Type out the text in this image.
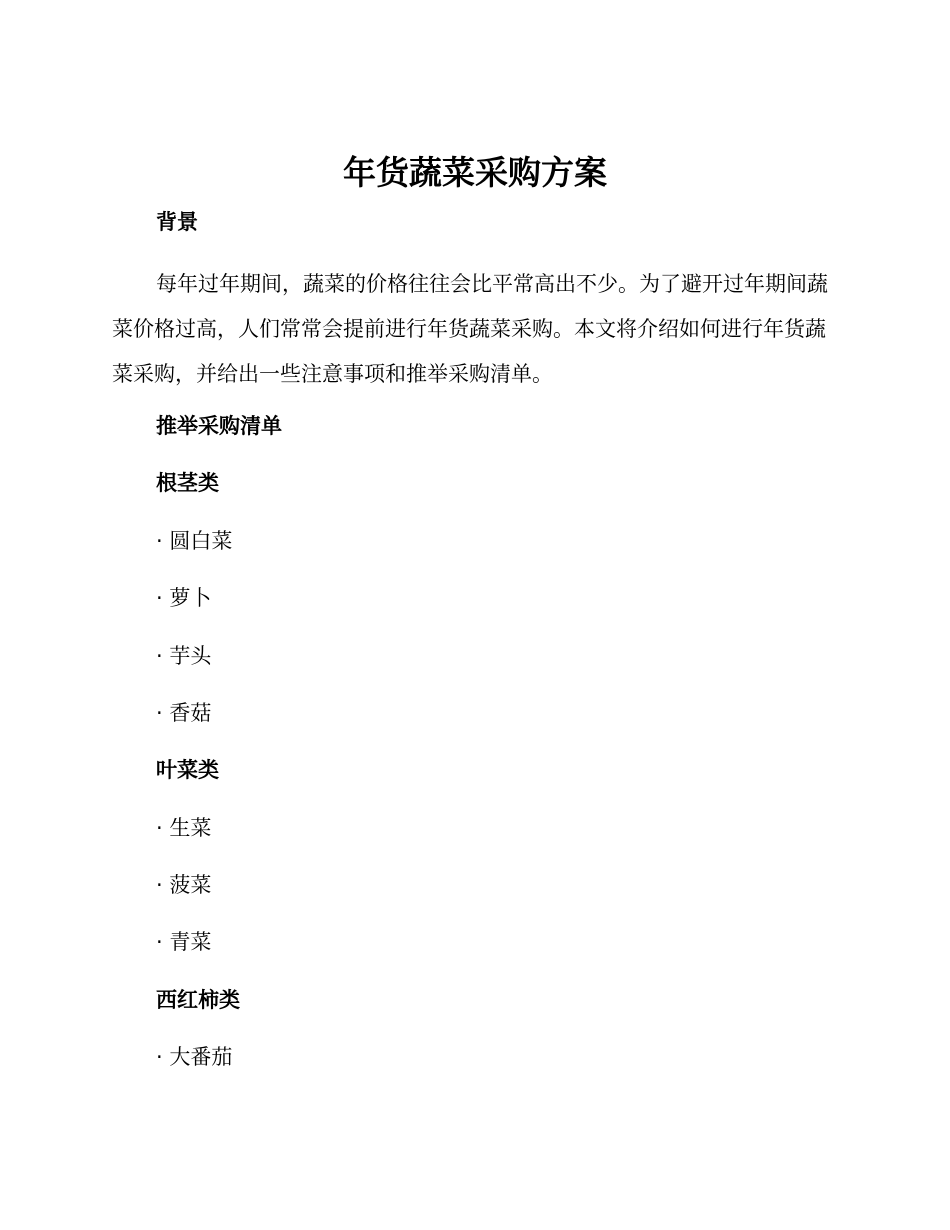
年货蔬菜采购方案
背景

每年过年期间，蔬菜的价格往往会比平常高出不少。为了避开过年期间蔬菜价格过高，人们常常会提前进行年货蔬菜采购。本文将介绍如何进行年货蔬菜采购，并给出一些注意事项和推举采购清单。

推举采购清单
根茎类
· 圆白菜
· 萝卜
· 芋头
· 香菇
叶菜类
· 生菜
· 菠菜
· 青菜
西红柿类
· 大番茄
